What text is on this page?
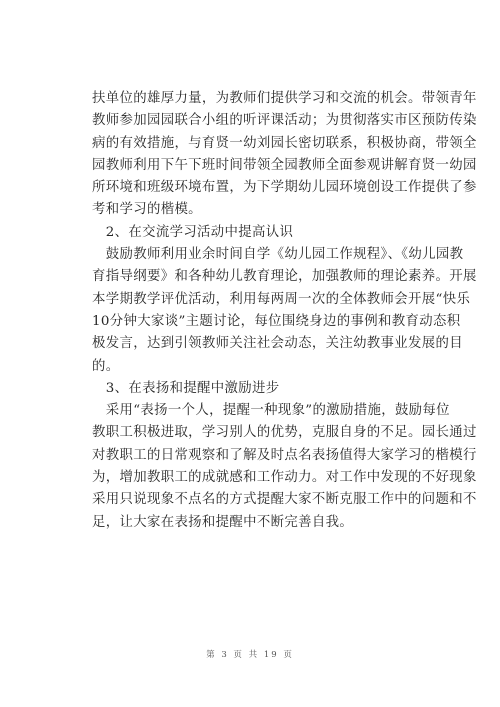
扶单位的雄厚力量，为教师们提供学习和交流的机会。带领青年
教师参加园园联合小组的听评课活动；为贯彻落实市区预防传染
病的有效措施，与育贤一幼刘园长密切联系，积极协商，带领全
园教师利用下午下班时间带领全园教师全面参观讲解育贤一幼园
所环境和班级环境布置，为下学期幼儿园环境创设工作提供了参
考和学习的楷模。
　2、在交流学习活动中提高认识
　鼓励教师利用业余时间自学《幼儿园工作规程》、《幼儿园教
育指导纲要》和各种幼儿教育理论，加强教师的理论素养。开展
本学期教学评优活动，利用每两周一次的全体教师会开展“快乐
10分钟大家谈”主题讨论，每位围绕身边的事例和教育动态积
极发言，达到引领教师关注社会动态，关注幼教事业发展的目
的。
　3、在表扬和提醒中激励进步
　采用“表扬一个人，提醒一种现象”的激励措施，鼓励每位
教职工积极进取，学习别人的优势，克服自身的不足。园长通过
对教职工的日常观察和了解及时点名表扬值得大家学习的楷模行
为，增加教职工的成就感和工作动力。对工作中发现的不好现象
采用只说现象不点名的方式提醒大家不断克服工作中的问题和不
足，让大家在表扬和提醒中不断完善自我。
第 3 页 共 19 页
